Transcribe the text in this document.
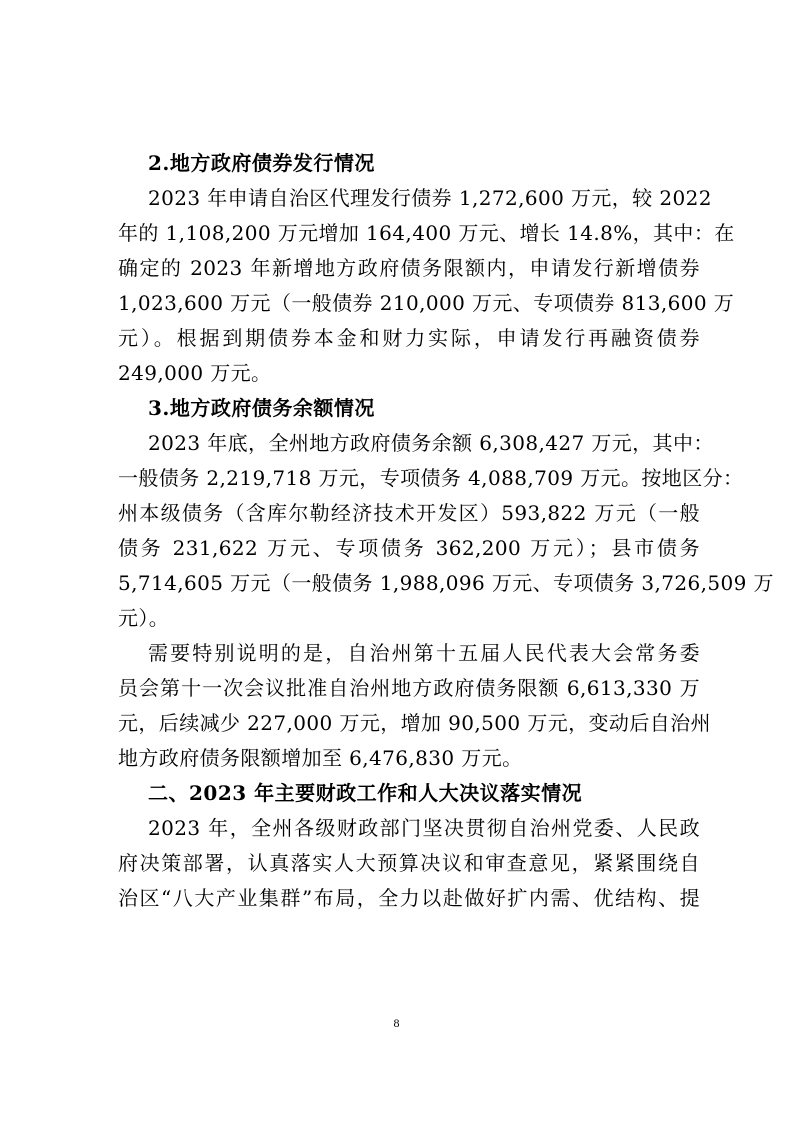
2.地方政府债券发行情况

2023 年申请自治区代理发行债券 1,272,600 万元，较 2022
年的 1,108,200 万元增加 164,400 万元、增长 14.8%，其中：在
确定的 2023 年新增地方政府债务限额内，申请发行新增债券
1,023,600 万元（一般债券 210,000 万元、专项债券 813,600 万
元）。根据到期债券本金和财力实际，申请发行再融资债券
249,000 万元。

3.地方政府债务余额情况

2023 年底，全州地方政府债务余额 6,308,427 万元，其中：
一般债务 2,219,718 万元，专项债务 4,088,709 万元。按地区分：
州本级债务（含库尔勒经济技术开发区）593,822 万元（一般
债务 231,622 万元、专项债务 362,200 万元）；县市债务
5,714,605 万元（一般债务 1,988,096 万元、专项债务 3,726,509 万
元）。

需要特别说明的是，自治州第十五届人民代表大会常务委
员会第十一次会议批准自治州地方政府债务限额 6,613,330 万
元，后续减少 227,000 万元，增加 90,500 万元，变动后自治州
地方政府债务限额增加至 6,476,830 万元。

二、2023 年主要财政工作和人大决议落实情况

2023 年，全州各级财政部门坚决贯彻自治州党委、人民政
府决策部署，认真落实人大预算决议和审查意见，紧紧围绕自
治区“八大产业集群”布局，全力以赴做好扩内需、优结构、提

8
